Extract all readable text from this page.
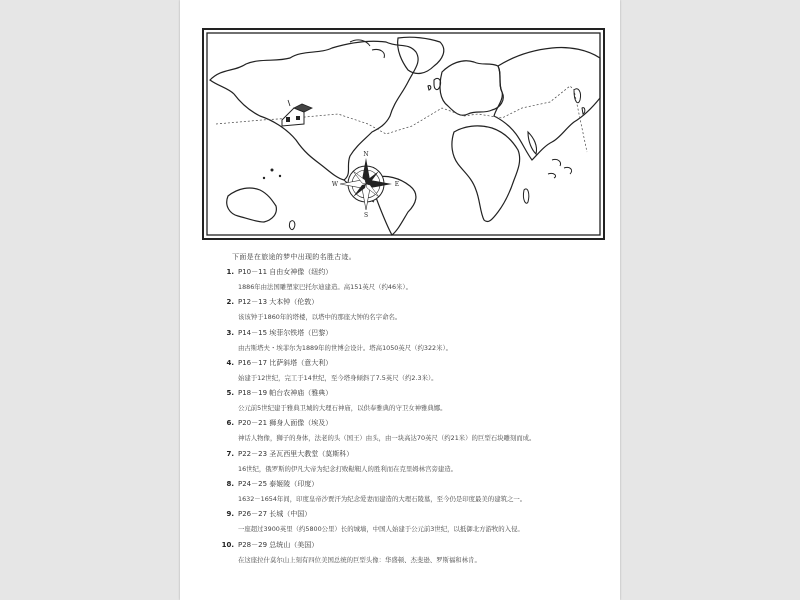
N
S
E
W
下面是在旅途的梦中出现的名胜古迹。
1. P10－11 自由女神像（纽约）
1886年由法国雕塑家巴托尔迪建造。高151英尺（约46米）。
2. P12－13 大本钟（伦敦）
该该钟于1860年的塔楼，以塔中的那座大钟的名字命名。
3. P14－15 埃菲尔铁塔（巴黎）
由古斯塔夫・埃菲尔为1889年的世博会设计。塔高1050英尺（约322米）。
4. P16－17 比萨斜塔（意大利）
始建于12世纪，完工于14世纪，至今塔身倾斜了7.5英尺（约2.3米）。
5. P18－19 帕台农神庙（雅典）
公元前5世纪建于雅典卫城的大理石神庙，以供奉雅典的守卫女神雅典娜。
6. P20－21 狮身人面像（埃及）
神话人物像，狮子的身体，法老的头（国王）由头，由一块高达70英尺（约21米）的巨型石块雕刻而成。
7. P22－23 圣瓦西里大教堂（莫斯科）
16世纪，俄罗斯的伊凡大帝为纪念打败鞑靼人的胜利而在克里姆林宫旁建造。
8. P24－25 泰姬陵（印度）
1632－1654年间，印度皇帝沙贾汗为纪念爱妻而建造的大理石陵墓，至今仍是印度最美的建筑之一。
9. P26－27 长城（中国）
一座超过3900英里（约5800公里）长的城墙，中国人始建于公元前3世纪，以抵御北方游牧的入侵。
10. P28－29 总统山（美国）
在这座拉什莫尔山上刻有四位美国总统的巨型头像：华盛顿、杰斐逊、罗斯福和林肯。
